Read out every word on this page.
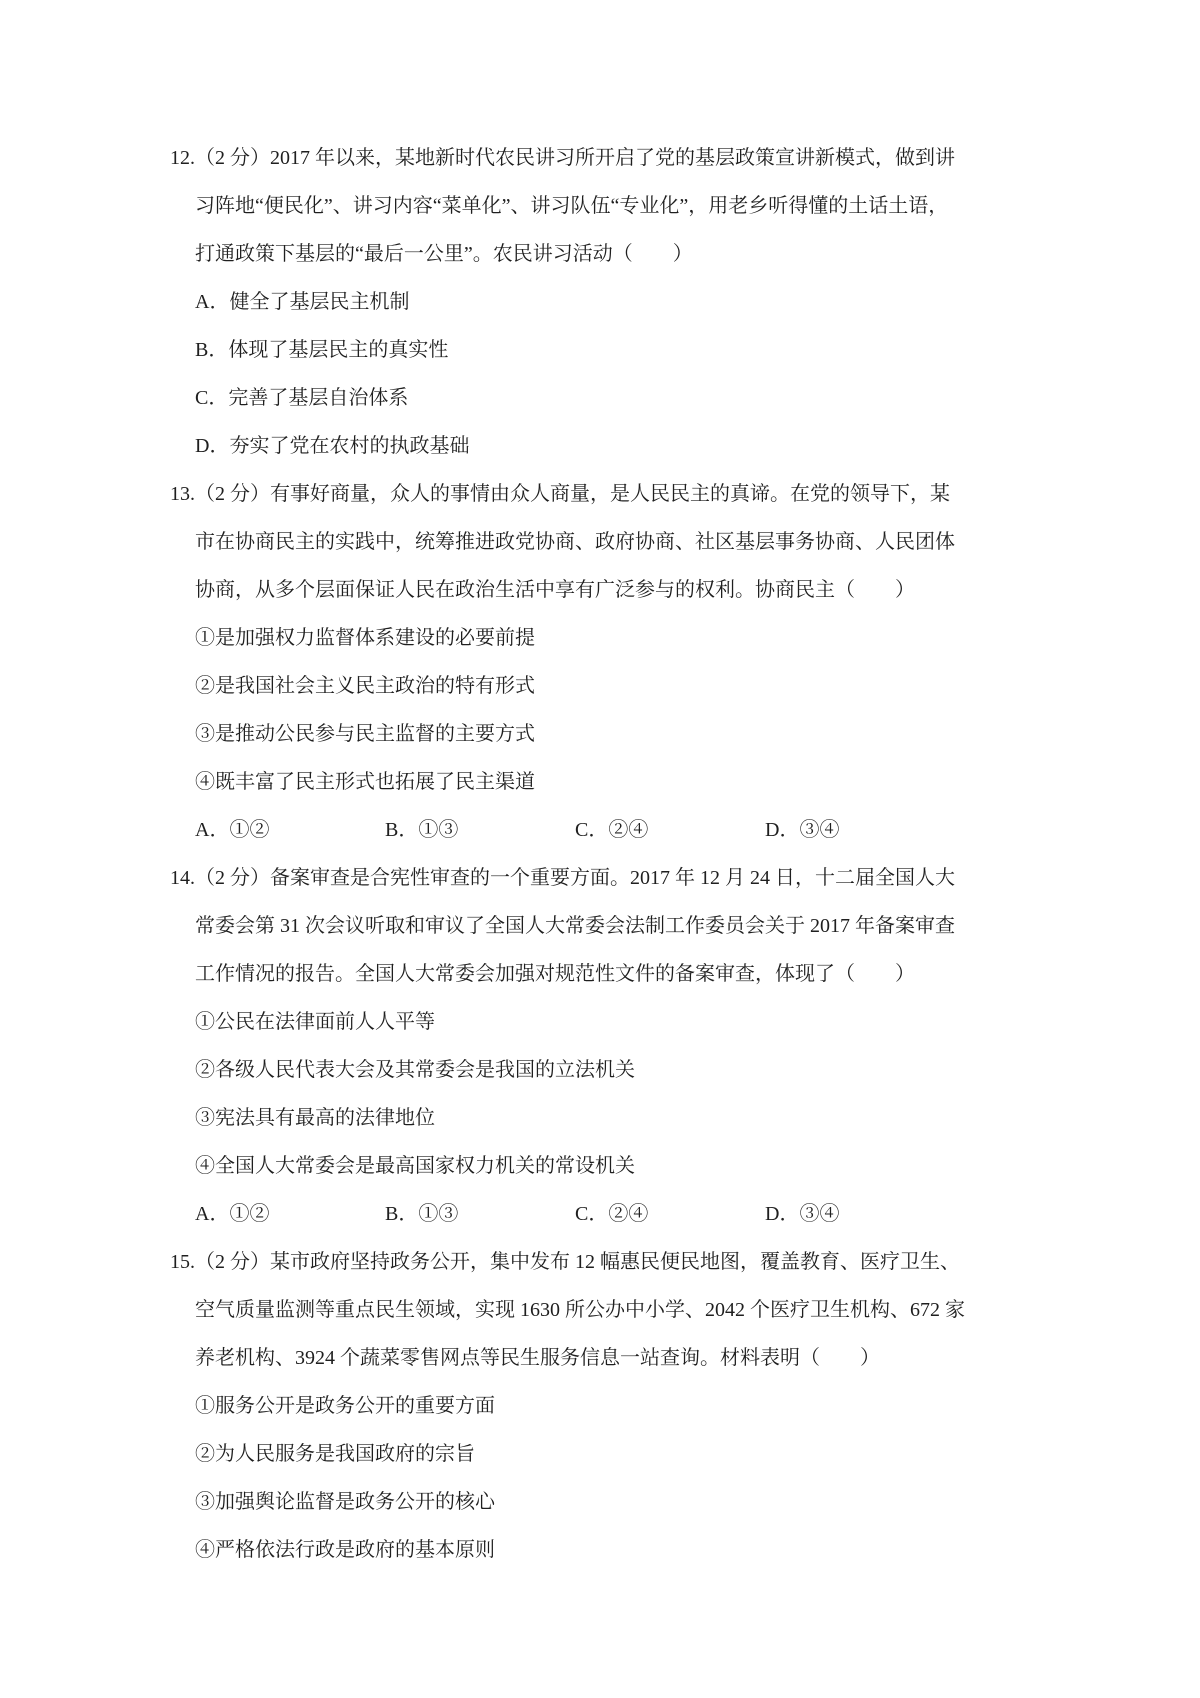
12.（2 分）2017 年以来，某地新时代农民讲习所开启了党的基层政策宣讲新模式，做到讲

习阵地“便民化”、讲习内容“菜单化”、讲习队伍“专业化”，用老乡听得懂的土话土语，

打通政策下基层的“最后一公里”。农民讲习活动（　　）

A．健全了基层民主机制

B．体现了基层民主的真实性

C．完善了基层自治体系

D．夯实了党在农村的执政基础

13.（2 分）有事好商量，众人的事情由众人商量，是人民民主的真谛。在党的领导下，某

市在协商民主的实践中，统筹推进政党协商、政府协商、社区基层事务协商、人民团体

协商，从多个层面保证人民在政治生活中享有广泛参与的权利。协商民主（　　）

①是加强权力监督体系建设的必要前提

②是我国社会主义民主政治的特有形式

③是推动公民参与民主监督的主要方式

④既丰富了民主形式也拓展了民主渠道

A．①②	B．①③	C．②④	D．③④

14.（2 分）备案审查是合宪性审查的一个重要方面。2017 年 12 月 24 日，十二届全国人大

常委会第 31 次会议听取和审议了全国人大常委会法制工作委员会关于 2017 年备案审查

工作情况的报告。全国人大常委会加强对规范性文件的备案审查，体现了（　　）

①公民在法律面前人人平等

②各级人民代表大会及其常委会是我国的立法机关

③宪法具有最高的法律地位

④全国人大常委会是最高国家权力机关的常设机关

A．①②	B．①③	C．②④	D．③④

15.（2 分）某市政府坚持政务公开，集中发布 12 幅惠民便民地图，覆盖教育、医疗卫生、

空气质量监测等重点民生领域，实现 1630 所公办中小学、2042 个医疗卫生机构、672 家

养老机构、3924 个蔬菜零售网点等民生服务信息一站查询。材料表明（　　）

①服务公开是政务公开的重要方面

②为人民服务是我国政府的宗旨

③加强舆论监督是政务公开的核心

④严格依法行政是政府的基本原则
